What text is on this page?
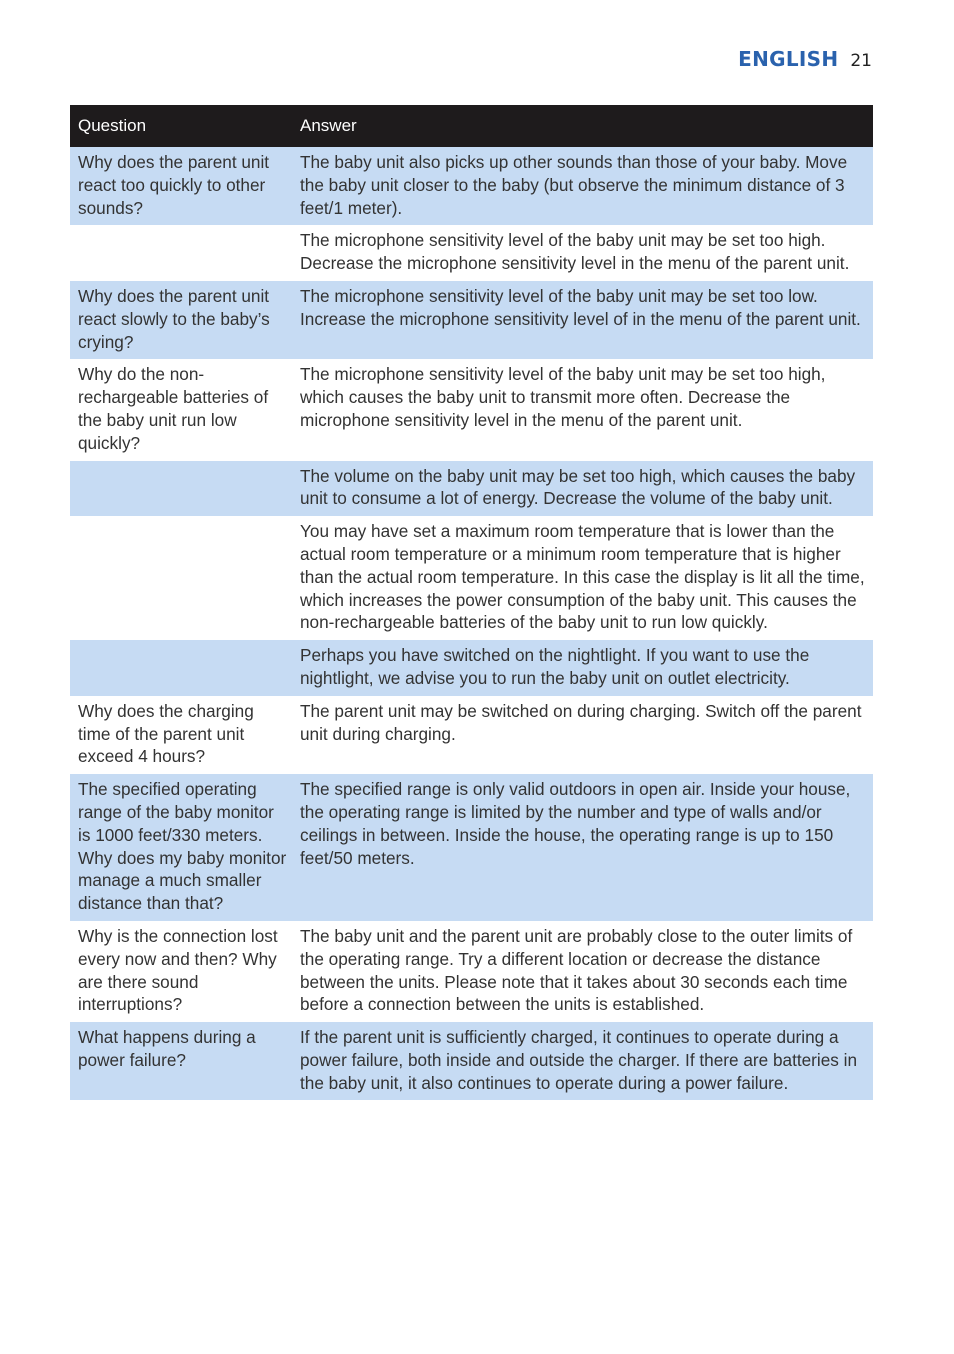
ENGLISH 21
Question	Answer
Why does the parent unit react too quickly to other sounds?	The baby unit also picks up other sounds than those of your baby. Move the baby unit closer to the baby (but observe the minimum distance of 3 feet/1 meter).
	The microphone sensitivity level of the baby unit may be set too high. Decrease the microphone sensitivity level in the menu of the parent unit.
Why does the parent unit react slowly to the baby’s crying?	The microphone sensitivity level of the baby unit may be set too low. Increase the microphone sensitivity level of in the menu of the parent unit.
Why do the non-rechargeable batteries of the baby unit run low quickly?	The microphone sensitivity level of the baby unit may be set too high, which causes the baby unit to transmit more often. Decrease the microphone sensitivity level in the menu of the parent unit.
	The volume on the baby unit may be set too high, which causes the baby unit to consume a lot of energy. Decrease the volume of the baby unit.
	You may have set a maximum room temperature that is lower than the actual room temperature or a minimum room temperature that is higher than the actual room temperature. In this case the display is lit all the time, which increases the power consumption of the baby unit. This causes the non-rechargeable batteries of the baby unit to run low quickly.
	Perhaps you have switched on the nightlight. If you want to use the nightlight, we advise you to run the baby unit on outlet electricity.
Why does the charging time of the parent unit exceed 4 hours?	The parent unit may be switched on during charging. Switch off the parent unit during charging.
The specified operating range of the baby monitor is 1000 feet/330 meters. Why does my baby monitor manage a much smaller distance than that?	The specified range is only valid outdoors in open air. Inside your house, the operating range is limited by the number and type of walls and/or ceilings in between. Inside the house, the operating range is up to 150 feet/50 meters.
Why is the connection lost every now and then? Why are there sound interruptions?	The baby unit and the parent unit are probably close to the outer limits of the operating range. Try a different location or decrease the distance between the units. Please note that it takes about 30 seconds each time before a connection between the units is established.
What happens during a power failure?	If the parent unit is sufficiently charged, it continues to operate during a power failure, both inside and outside the charger. If there are batteries in the baby unit, it also continues to operate during a power failure.
